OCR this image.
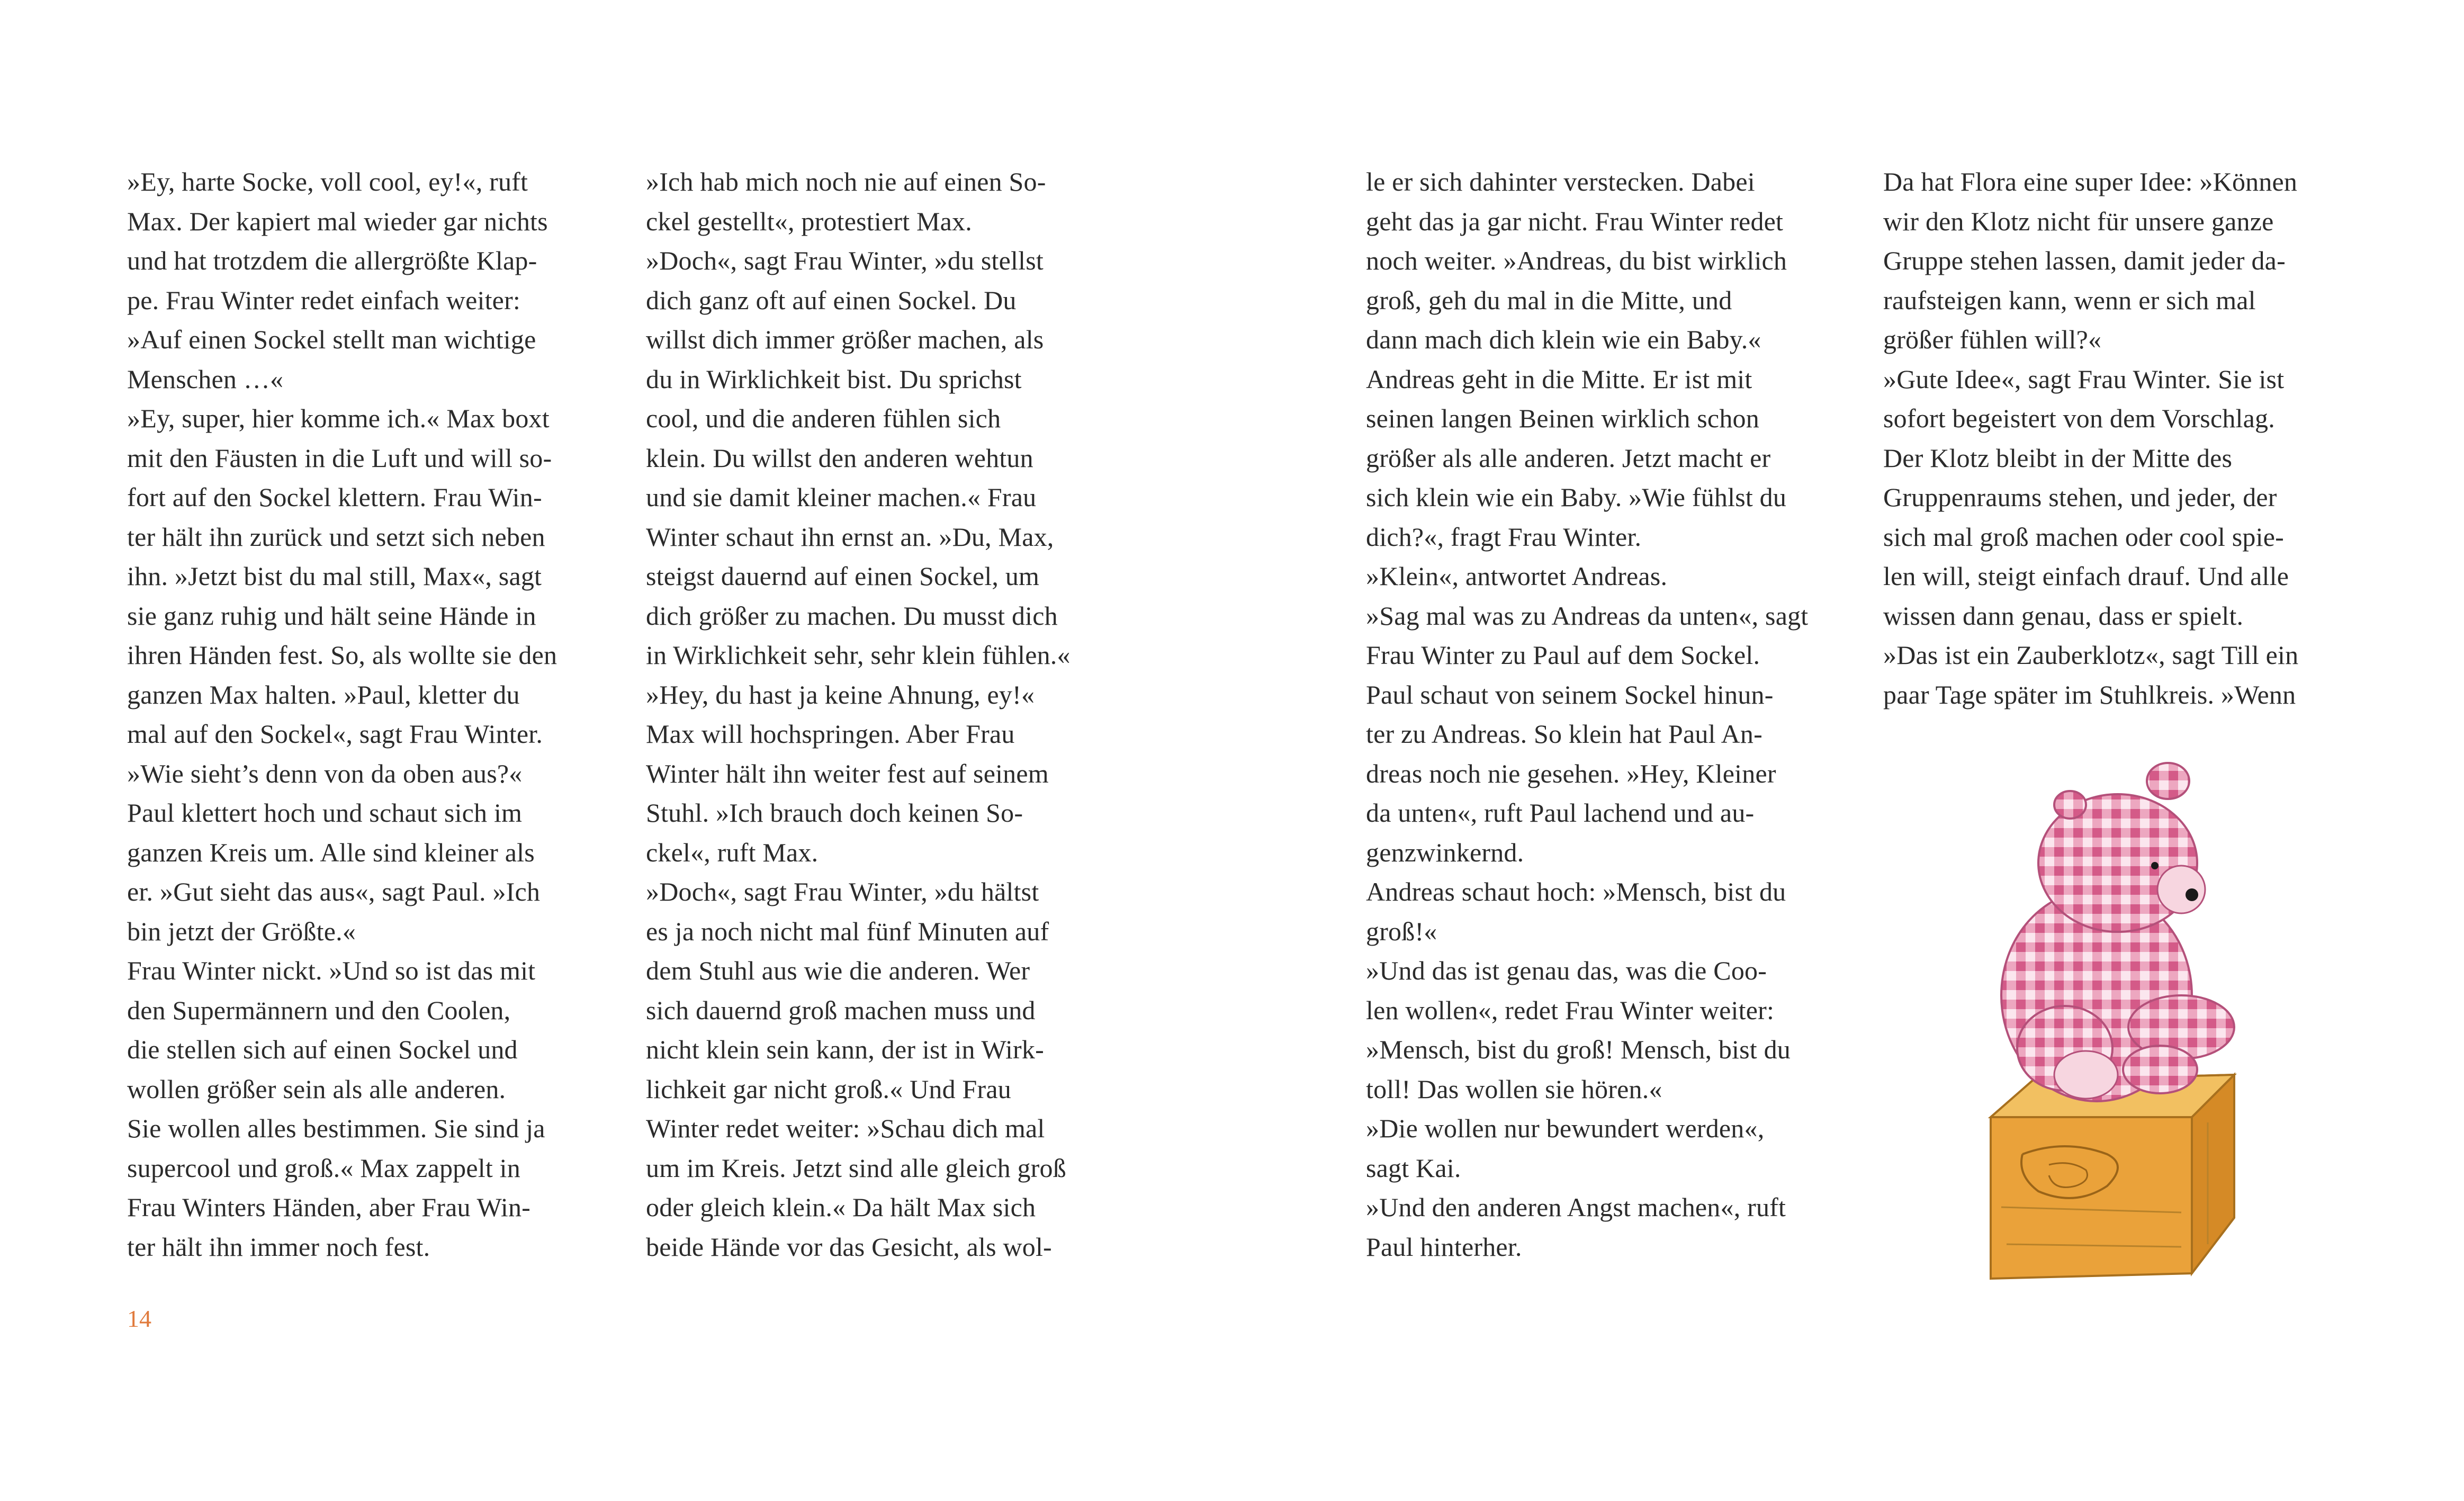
»Ey, harte Socke, voll cool, ey!«, ruft
Max. Der kapiert mal wieder gar nichts
und hat trotzdem die allergrößte Klap-
pe. Frau Winter redet einfach weiter:
»Auf einen Sockel stellt man wichtige
Menschen …«
»Ey, super, hier komme ich.« Max boxt
mit den Fäusten in die Luft und will so-
fort auf den Sockel klettern. Frau Win-
ter hält ihn zurück und setzt sich neben
ihn. »Jetzt bist du mal still, Max«, sagt
sie ganz ruhig und hält seine Hände in
ihren Händen fest. So, als wollte sie den
ganzen Max halten. »Paul, kletter du
mal auf den Sockel«, sagt Frau Winter.
»Wie sieht’s denn von da oben aus?«
Paul klettert hoch und schaut sich im
ganzen Kreis um. Alle sind kleiner als
er. »Gut sieht das aus«, sagt Paul. »Ich
bin jetzt der Größte.«
Frau Winter nickt. »Und so ist das mit
den Supermännern und den Coolen,
die stellen sich auf einen Sockel und
wollen größer sein als alle anderen.
Sie wollen alles bestimmen. Sie sind ja
supercool und groß.« Max zappelt in
Frau Winters Händen, aber Frau Win-
ter hält ihn immer noch fest.
»Ich hab mich noch nie auf einen So-
ckel gestellt«, protestiert Max.
»Doch«, sagt Frau Winter, »du stellst
dich ganz oft auf einen Sockel. Du
willst dich immer größer machen, als
du in Wirklichkeit bist. Du sprichst
cool, und die anderen fühlen sich
klein. Du willst den anderen wehtun
und sie damit kleiner machen.« Frau
Winter schaut ihn ernst an. »Du, Max,
steigst dauernd auf einen Sockel, um
dich größer zu machen. Du musst dich
in Wirklichkeit sehr, sehr klein fühlen.«
»Hey, du hast ja keine Ahnung, ey!«
Max will hochspringen. Aber Frau
Winter hält ihn weiter fest auf seinem
Stuhl. »Ich brauch doch keinen So-
ckel«, ruft Max.
»Doch«, sagt Frau Winter, »du hältst
es ja noch nicht mal fünf Minuten auf
dem Stuhl aus wie die anderen. Wer
sich dauernd groß machen muss und
nicht klein sein kann, der ist in Wirk-
lichkeit gar nicht groß.« Und Frau
Winter redet weiter: »Schau dich mal
um im Kreis. Jetzt sind alle gleich groß
oder gleich klein.« Da hält Max sich
beide Hände vor das Gesicht, als wol-
le er sich dahinter verstecken. Dabei
geht das ja gar nicht. Frau Winter redet
noch weiter. »Andreas, du bist wirklich
groß, geh du mal in die Mitte, und
dann mach dich klein wie ein Baby.«
Andreas geht in die Mitte. Er ist mit
seinen langen Beinen wirklich schon
größer als alle anderen. Jetzt macht er
sich klein wie ein Baby. »Wie fühlst du
dich?«, fragt Frau Winter.
»Klein«, antwortet Andreas.
»Sag mal was zu Andreas da unten«, sagt
Frau Winter zu Paul auf dem Sockel.
Paul schaut von seinem Sockel hinun-
ter zu Andreas. So klein hat Paul An-
dreas noch nie gesehen. »Hey, Kleiner
da unten«, ruft Paul lachend und au-
genzwinkernd.
Andreas schaut hoch: »Mensch, bist du
groß!«
»Und das ist genau das, was die Coo-
len wollen«, redet Frau Winter weiter:
»Mensch, bist du groß! Mensch, bist du
toll! Das wollen sie hören.«
»Die wollen nur bewundert werden«,
sagt Kai.
»Und den anderen Angst machen«, ruft
Paul hinterher.
Da hat Flora eine super Idee: »Können
wir den Klotz nicht für unsere ganze
Gruppe stehen lassen, damit jeder da-
raufsteigen kann, wenn er sich mal
größer fühlen will?«
»Gute Idee«, sagt Frau Winter. Sie ist
sofort begeistert von dem Vorschlag.
Der Klotz bleibt in der Mitte des
Gruppenraums stehen, und jeder, der
sich mal groß machen oder cool spie-
len will, steigt einfach drauf. Und alle
wissen dann genau, dass er spielt.
»Das ist ein Zauberklotz«, sagt Till ein
paar Tage später im Stuhlkreis. »Wenn
14
